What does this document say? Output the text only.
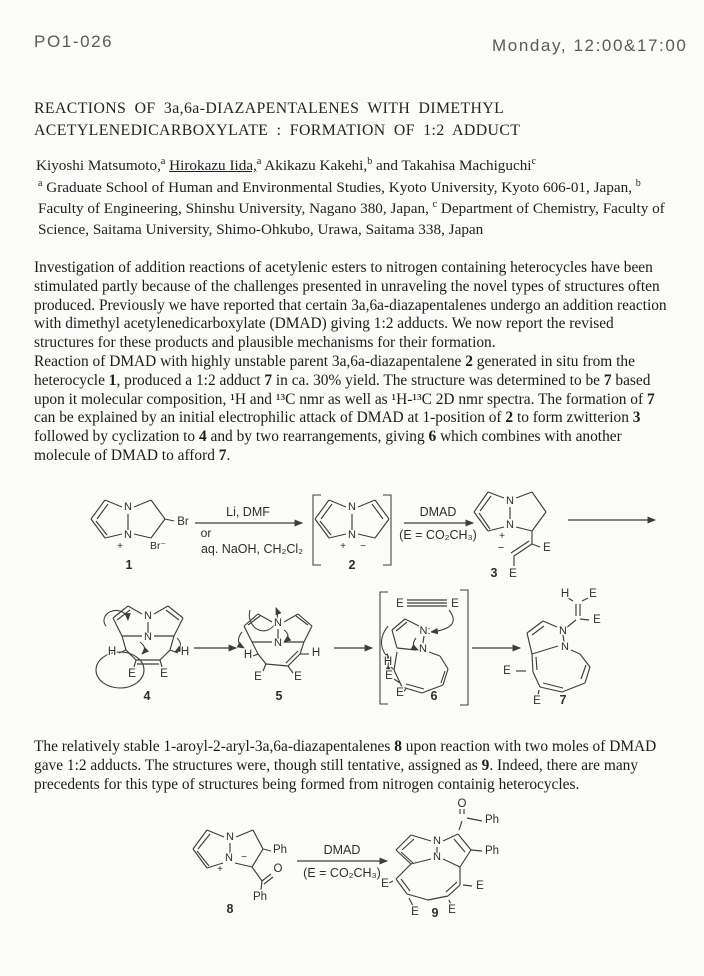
PO1-026	Monday, 12:00&17:00
REACTIONS OF 3a,6a-DIAZAPENTALENES WITH DIMETHYL
ACETYLENEDICARBOXYLATE : FORMATION OF 1:2 ADDUCT
Kiyoshi Matsumoto,$^a$ Hirokazu Iida,$^a$ Akikazu Kakehi,$^b$ and Takahisa Machiguchi$^c$
$^a$ Graduate School of Human and Environmental Studies, Kyoto University, Kyoto 606-01, Japan, $^b$ Faculty of Engineering, Shinshu University, Nagano 380, Japan, $^c$ Department of Chemistry, Faculty of Science, Saitama University, Shimo-Ohkubo, Urawa, Saitama 338, Japan

Investigation of addition reactions of acetylenic esters to nitrogen containing heterocycles have been stimulated partly because of the challenges presented in unraveling the novel types of structures often produced. Previously we have reported that certain 3a,6a-diazapentalenes undergo an addition reaction with dimethyl acetylenedicarboxylate (DMAD) giving 1:2 adducts. We now report the revised structures for these products and plausible mechanisms for their formation.

Reaction of DMAD with highly unstable parent 3a,6a-diazapentalene 2 generated in situ from the heterocycle 1, produced a 1:2 adduct 7 in ca. 30% yield. The structure was determined to be 7 based upon it molecular composition, ¹H and ¹³C nmr as well as ¹H-¹³C 2D nmr spectra. The formation of 7 can be explained by an initial electrophilic attack of DMAD at 1-position of 2 to form zwitterion 3 followed by cyclization to 4 and by two rearrangements, giving 6 which combines with another molecule of DMAD to afford 7.

The relatively stable 1-aroyl-2-aryl-3a,6a-diazapentalenes 8 upon reaction with two moles of DMAD gave 1:2 adducts. The structures were, though still tentative, assigned as 9. Indeed, there are many precedents for this type of structures being formed from nitrogen containig heterocycles.

N
N
+
Br
Br⁻
1
Li, DMF
or
aq. NaOH, CH₂Cl₂
N
N
+ −
2
DMAD
(E = CO₂CH₃)
N
N
+
E
−
E
3
N
N
H	H
E E
4
N
N
H	H
E	E
5
E	E
N:
N
H
E
E 6
H E
E
N
N
E
E 7
N
N
+
−
Ph
O
Ph
8
DMAD
(E = CO₂CH₃)
O
Ph
Ph
N
N
E
E	E
E
9
